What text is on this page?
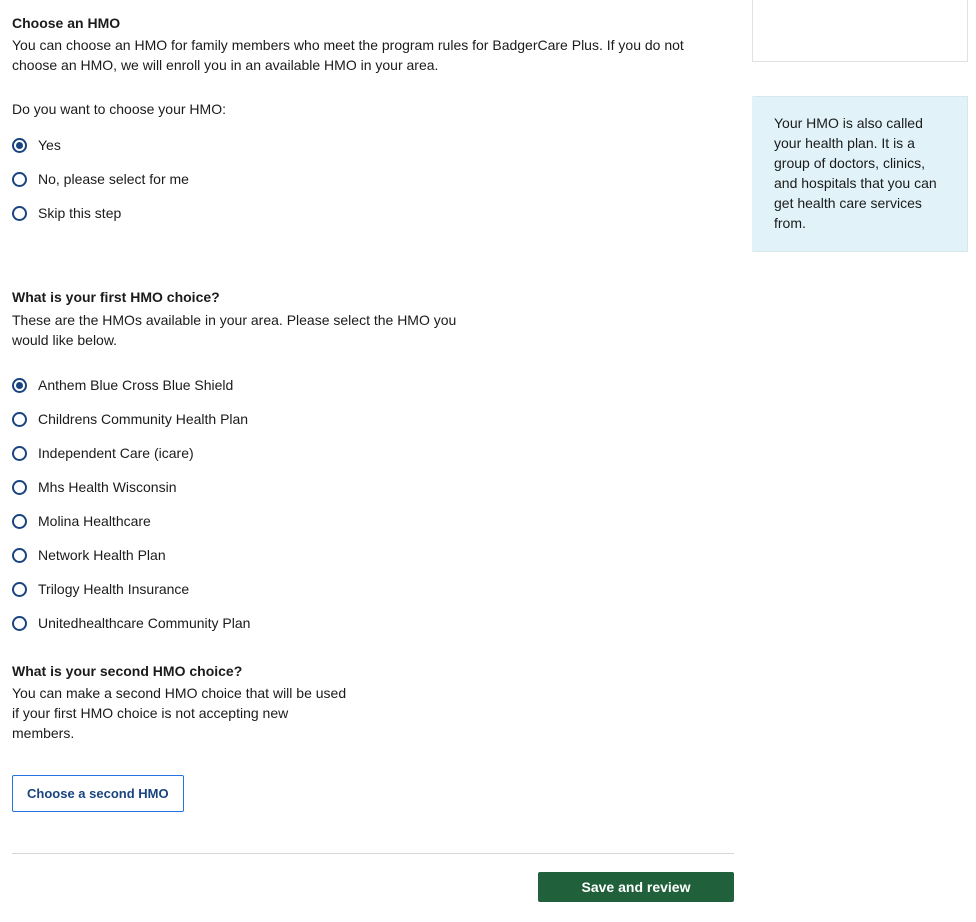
Choose an HMO

You can choose an HMO for family members who meet the program rules for BadgerCare Plus. If you do not choose an HMO, we will enroll you in an available HMO in your area.

Do you want to choose your HMO:
Yes
No, please select for me
Skip this step
What is your first HMO choice?

These are the HMOs available in your area. Please select the HMO you would like below.

Anthem Blue Cross Blue Shield
Childrens Community Health Plan
Independent Care (icare)
Mhs Health Wisconsin
Molina Healthcare
Network Health Plan
Trilogy Health Insurance
Unitedhealthcare Community Plan
What is your second HMO choice?

You can make a second HMO choice that will be used if your first HMO choice is not accepting new members.

Choose a second HMO
Save and review

Your HMO is also called your health plan. It is a group of doctors, clinics, and hospitals that you can get health care services from.
